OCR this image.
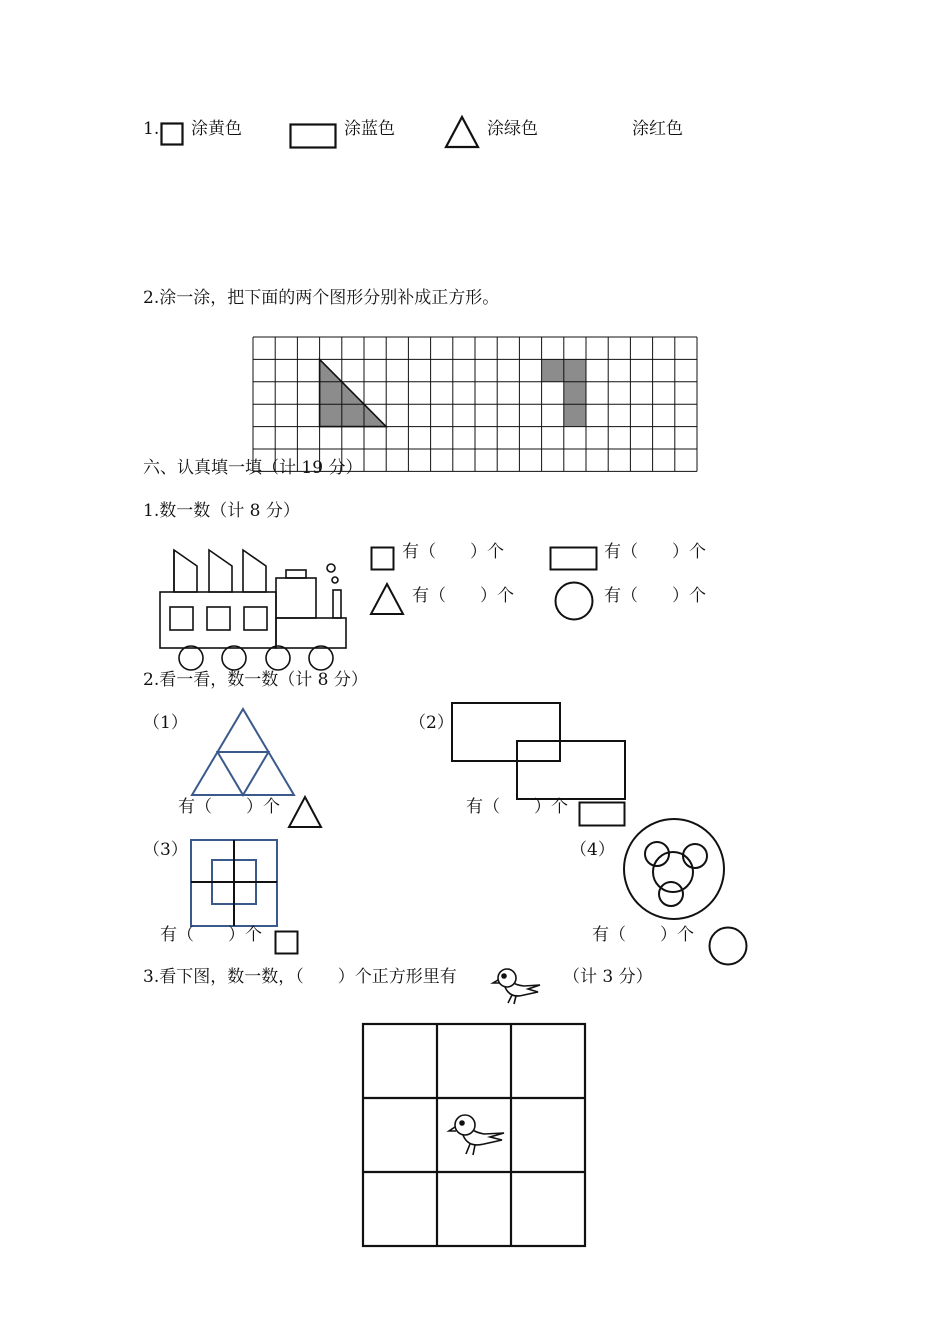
1. 涂黄色	涂蓝色	涂绿色	涂红色
2.涂一涂，把下面的两个图形分别补成正方形。
六、认真填一填（计 19 分）
1.数一数（计 8 分）
有（　　）个	有（　　）个
有（　　）个	有（　　）个
2.看一看，数一数（计 8 分）
（1）
有（　　）个
（2）
有（　　）个
（3）
有（　　）个
（4）
有（　　）个
3.看下图，数一数，（　　）个正方形里有	（计 3 分）
